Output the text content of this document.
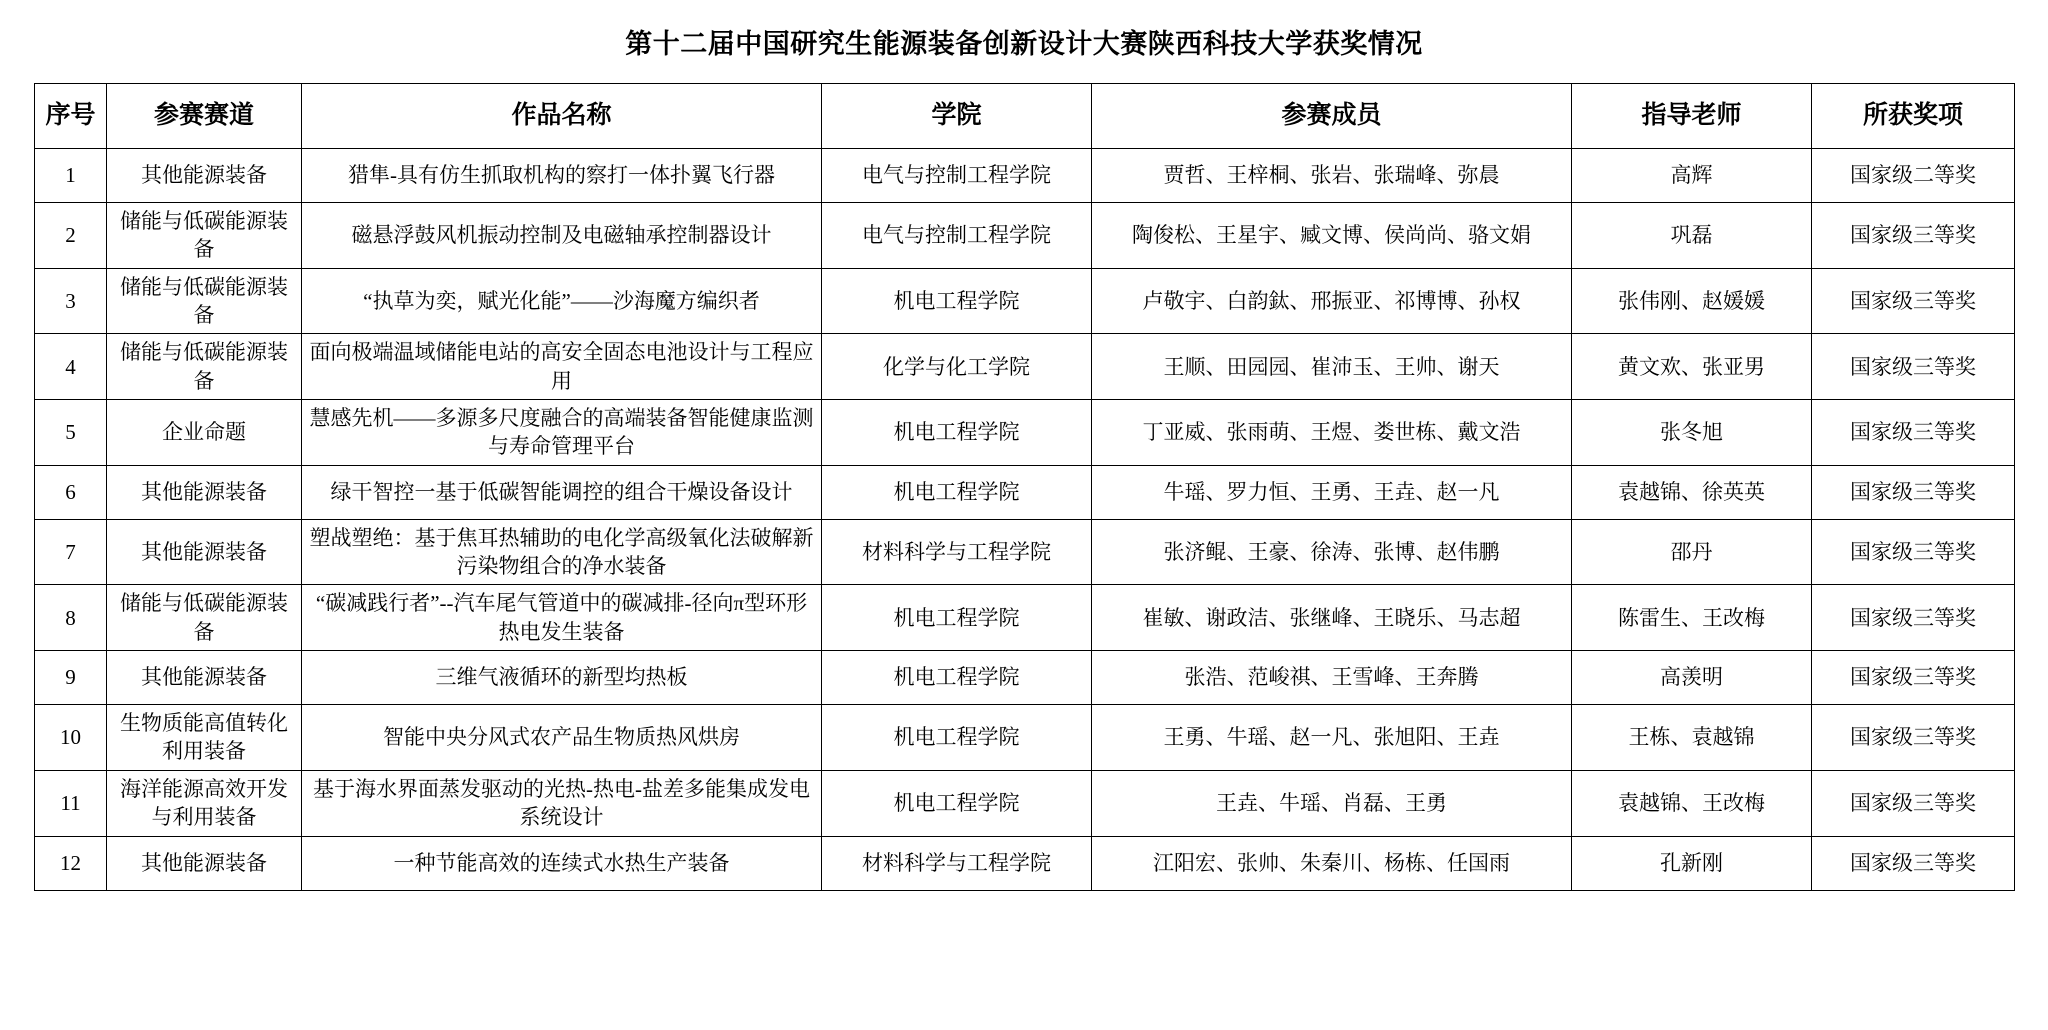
第十二届中国研究生能源装备创新设计大赛陕西科技大学获奖情况
序号	参赛赛道	作品名称	学院	参赛成员	指导老师	所获奖项
1	其他能源装备	猎隼-具有仿生抓取机构的察打一体扑翼飞行器	电气与控制工程学院	贾哲、王梓桐、张岩、张瑞峰、弥晨	高辉	国家级二等奖
2	储能与低碳能源装备	磁悬浮鼓风机振动控制及电磁轴承控制器设计	电气与控制工程学院	陶俊松、王星宇、臧文博、侯尚尚、骆文娟	巩磊	国家级三等奖
3	储能与低碳能源装备	“执草为奕，赋光化能”——沙海魔方编织者	机电工程学院	卢敬宇、白韵鈦、邢振亚、祁博博、孙权	张伟刚、赵媛媛	国家级三等奖
4	储能与低碳能源装备	面向极端温域储能电站的高安全固态电池设计与工程应用	化学与化工学院	王顺、田园园、崔沛玉、王帅、谢天	黄文欢、张亚男	国家级三等奖
5	企业命题	慧感先机——多源多尺度融合的高端装备智能健康监测与寿命管理平台	机电工程学院	丁亚威、张雨萌、王煜、娄世栋、戴文浩	张冬旭	国家级三等奖
6	其他能源装备	绿干智控一基于低碳智能调控的组合干燥设备设计	机电工程学院	牛瑶、罗力恒、王勇、王垚、赵一凡	袁越锦、徐英英	国家级三等奖
7	其他能源装备	塑战塑绝：基于焦耳热辅助的电化学高级氧化法破解新污染物组合的净水装备	材料科学与工程学院	张济鲲、王豪、徐涛、张博、赵伟鹏	邵丹	国家级三等奖
8	储能与低碳能源装备	“碳减践行者”--汽车尾气管道中的碳减排-径向π型环形热电发生装备	机电工程学院	崔敏、谢政洁、张继峰、王晓乐、马志超	陈雷生、王改梅	国家级三等奖
9	其他能源装备	三维气液循环的新型均热板	机电工程学院	张浩、范峻祺、王雪峰、王奔腾	高羡明	国家级三等奖
10	生物质能高值转化利用装备	智能中央分风式农产品生物质热风烘房	机电工程学院	王勇、牛瑶、赵一凡、张旭阳、王垚	王栋、袁越锦	国家级三等奖
11	海洋能源高效开发与利用装备	基于海水界面蒸发驱动的光热-热电-盐差多能集成发电系统设计	机电工程学院	王垚、牛瑶、肖磊、王勇	袁越锦、王改梅	国家级三等奖
12	其他能源装备	一种节能高效的连续式水热生产装备	材料科学与工程学院	江阳宏、张帅、朱秦川、杨栋、任国雨	孔新刚	国家级三等奖
